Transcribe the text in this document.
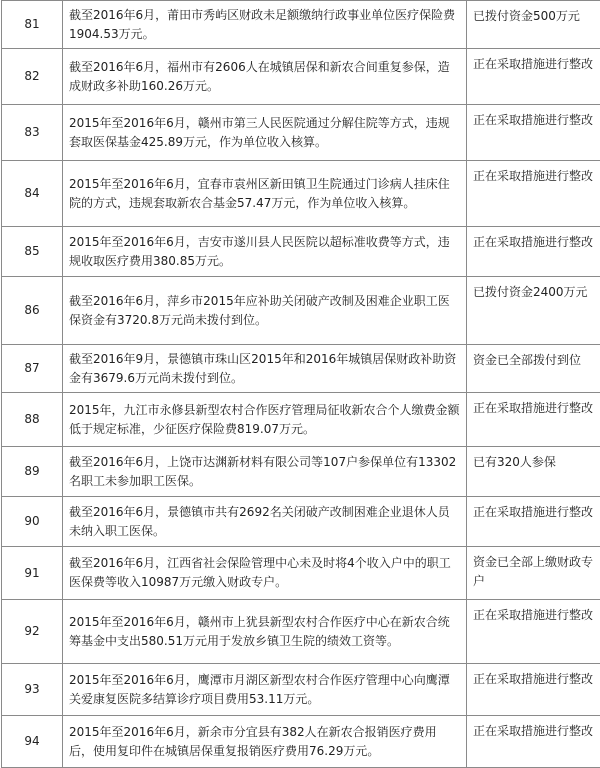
81	截至2016年6月，莆田市秀屿区财政未足额缴纳行政事业单位医疗保险费1904.53万元。	已拨付资金500万元
82	截至2016年6月，福州市有2606人在城镇居保和新农合间重复参保，造成财政多补助160.26万元。	正在采取措施进行整改
83	2015年至2016年6月，赣州市第三人民医院通过分解住院等方式，违规套取医保基金425.89万元，作为单位收入核算。	正在采取措施进行整改
84	2015年至2016年6月，宜春市袁州区新田镇卫生院通过门诊病人挂床住院的方式，违规套取新农合基金57.47万元，作为单位收入核算。	正在采取措施进行整改
85	2015年至2016年6月，吉安市遂川县人民医院以超标准收费等方式，违规收取医疗费用380.85万元。	正在采取措施进行整改
86	截至2016年6月，萍乡市2015年应补助关闭破产改制及困难企业职工医保资金有3720.8万元尚未拨付到位。	已拨付资金2400万元
87	截至2016年9月，景德镇市珠山区2015年和2016年城镇居保财政补助资金有3679.6万元尚未拨付到位。	资金已全部拨付到位
88	2015年，九江市永修县新型农村合作医疗管理局征收新农合个人缴费金额低于规定标准，少征医疗保险费819.07万元。	正在采取措施进行整改
89	截至2016年6月，上饶市达渊新材料有限公司等107户参保单位有13302名职工未参加职工医保。	已有320人参保
90	截至2016年6月，景德镇市共有2692名关闭破产改制困难企业退休人员未纳入职工医保。	正在采取措施进行整改
91	截至2016年6月，江西省社会保险管理中心未及时将4个收入户中的职工医保费等收入10987万元缴入财政专户。	资金已全部上缴财政专户
92	2015年至2016年6月，赣州市上犹县新型农村合作医疗中心在新农合统筹基金中支出580.51万元用于发放乡镇卫生院的绩效工资等。	正在采取措施进行整改
93	2015年至2016年6月，鹰潭市月湖区新型农村合作医疗管理中心向鹰潭关爱康复医院多结算诊疗项目费用53.11万元。	正在采取措施进行整改
94	2015年至2016年6月，新余市分宜县有382人在新农合报销医疗费用后，使用复印件在城镇居保重复报销医疗费用76.29万元。	正在采取措施进行整改
